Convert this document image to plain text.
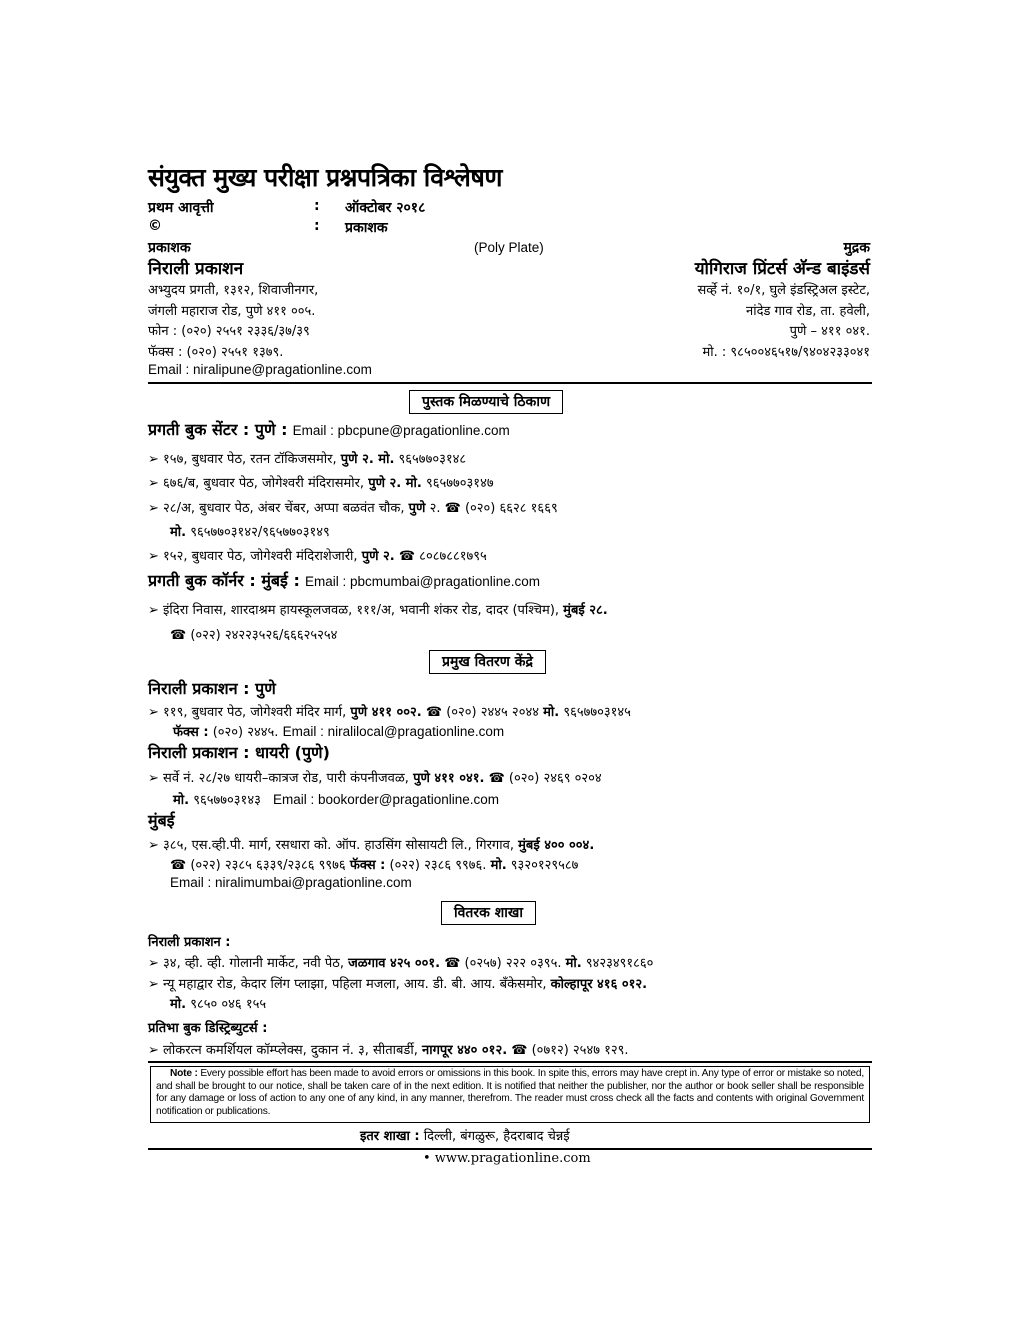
संयुक्त मुख्य परीक्षा प्रश्नपत्रिका विश्लेषण
प्रथम आवृत्ती	: ऑक्टोबर २०१८
©	: प्रकाशक
प्रकाशक
निराली प्रकाशन
अभ्युदय प्रगती, १३१२, शिवाजीनगर,
जंगली महाराज रोड, पुणे ४११ ००५.
फोन : (०२०) २५५१ २३३६/३७/३९
फॅक्स : (०२०) २५५१ १३७९.
Email : niralipune@pragationline.com
(Poly Plate)	मुद्रक
योगिराज प्रिंटर्स अ‍ॅन्ड बाइंडर्स
सर्व्हे नं. १०/१, घुले इंडस्ट्रिअल इस्टेट,
नांदेड गाव रोड, ता. हवेली,
पुणे – ४११ ०४१.
मो. : ९८५००४६५१७/९४०४२३३०४१
पुस्तक मिळण्याचे ठिकाण
प्रगती बुक सेंटर : पुणे : Email : pbcpune@pragationline.com
➢ १५७, बुधवार पेठ, रतन टॉकिजसमोर, पुणे २. मो. ९६५७७०३१४८
➢ ६७६/ब, बुधवार पेठ, जोगेश्वरी मंदिरासमोर, पुणे २. मो. ९६५७७०३१४७
➢ २८/अ, बुधवार पेठ, अंबर चेंबर, अप्पा बळवंत चौक, पुणे २. ☎ (०२०) ६६२८ १६६९
मो. ९६५७७०३१४२/९६५७७०३१४९
➢ १५२, बुधवार पेठ, जोगेश्वरी मंदिराशेजारी, पुणे २. ☎ ८०८७८८१७९५
प्रगती बुक कॉर्नर : मुंबई : Email : pbcmumbai@pragationline.com
➢ इंदिरा निवास, शारदाश्रम हायस्कूलजवळ, १११/अ, भवानी शंकर रोड, दादर (पश्चिम), मुंबई २८.
☎ (०२२) २४२२३५२६/६६६२५२५४
प्रमुख वितरण केंद्रे
निराली प्रकाशन : पुणे
➢ ११९, बुधवार पेठ, जोगेश्वरी मंदिर मार्ग, पुणे ४११ ००२. ☎ (०२०) २४४५ २०४४ मो. ९६५७७०३१४५
फॅक्स : (०२०) २४४५. Email : niralilocal@pragationline.com
निराली प्रकाशन : धायरी (पुणे)
➢ सर्वे नं. २८/२७ धायरी–कात्रज रोड, पारी कंपनीजवळ, पुणे ४११ ०४१. ☎ (०२०) २४६९ ०२०४
मो. ९६५७७०३१४३ Email : bookorder@pragationline.com
मुंबई
➢ ३८५, एस.व्ही.पी. मार्ग, रसधारा को. ऑप. हाउसिंग सोसायटी लि., गिरगाव, मुंबई ४०० ००४.
☎ (०२२) २३८५ ६३३९/२३८६ ९९७६ फॅक्स : (०२२) २३८६ ९९७६. मो. ९३२०१२९५८७
Email : niralimumbai@pragationline.com
वितरक शाखा
निराली प्रकाशन :
➢ ३४, व्ही. व्ही. गोलानी मार्केट, नवी पेठ, जळगाव ४२५ ००१. ☎ (०२५७) २२२ ०३९५. मो. ९४२३४९१८६०
➢ न्यू महाद्वार रोड, केदार लिंग प्लाझा, पहिला मजला, आय. डी. बी. आय. बँकेसमोर, कोल्हापूर ४१६ ०१२.
मो. ९८५० ०४६ १५५
प्रतिभा बुक डिस्ट्रिब्युटर्स :
➢ लोकरत्न कमर्शियल कॉम्प्लेक्स, दुकान नं. ३, सीताबर्डी, नागपूर ४४० ०१२. ☎ (०७१२) २५४७ १२९.
Note : Every possible effort has been made to avoid errors or omissions in this book. In spite this, errors may have crept in. Any type of error or mistake so noted, and shall be brought to our notice, shall be taken care of in the next edition. It is notified that neither the publisher, nor the author or book seller shall be responsible for any damage or loss of action to any one of any kind, in any manner, therefrom. The reader must cross check all the facts and contents with original Government notification or publications.
इतर शाखा : दिल्ली, बंगळुरू, हैदराबाद चेन्नई
• www.pragationline.com
